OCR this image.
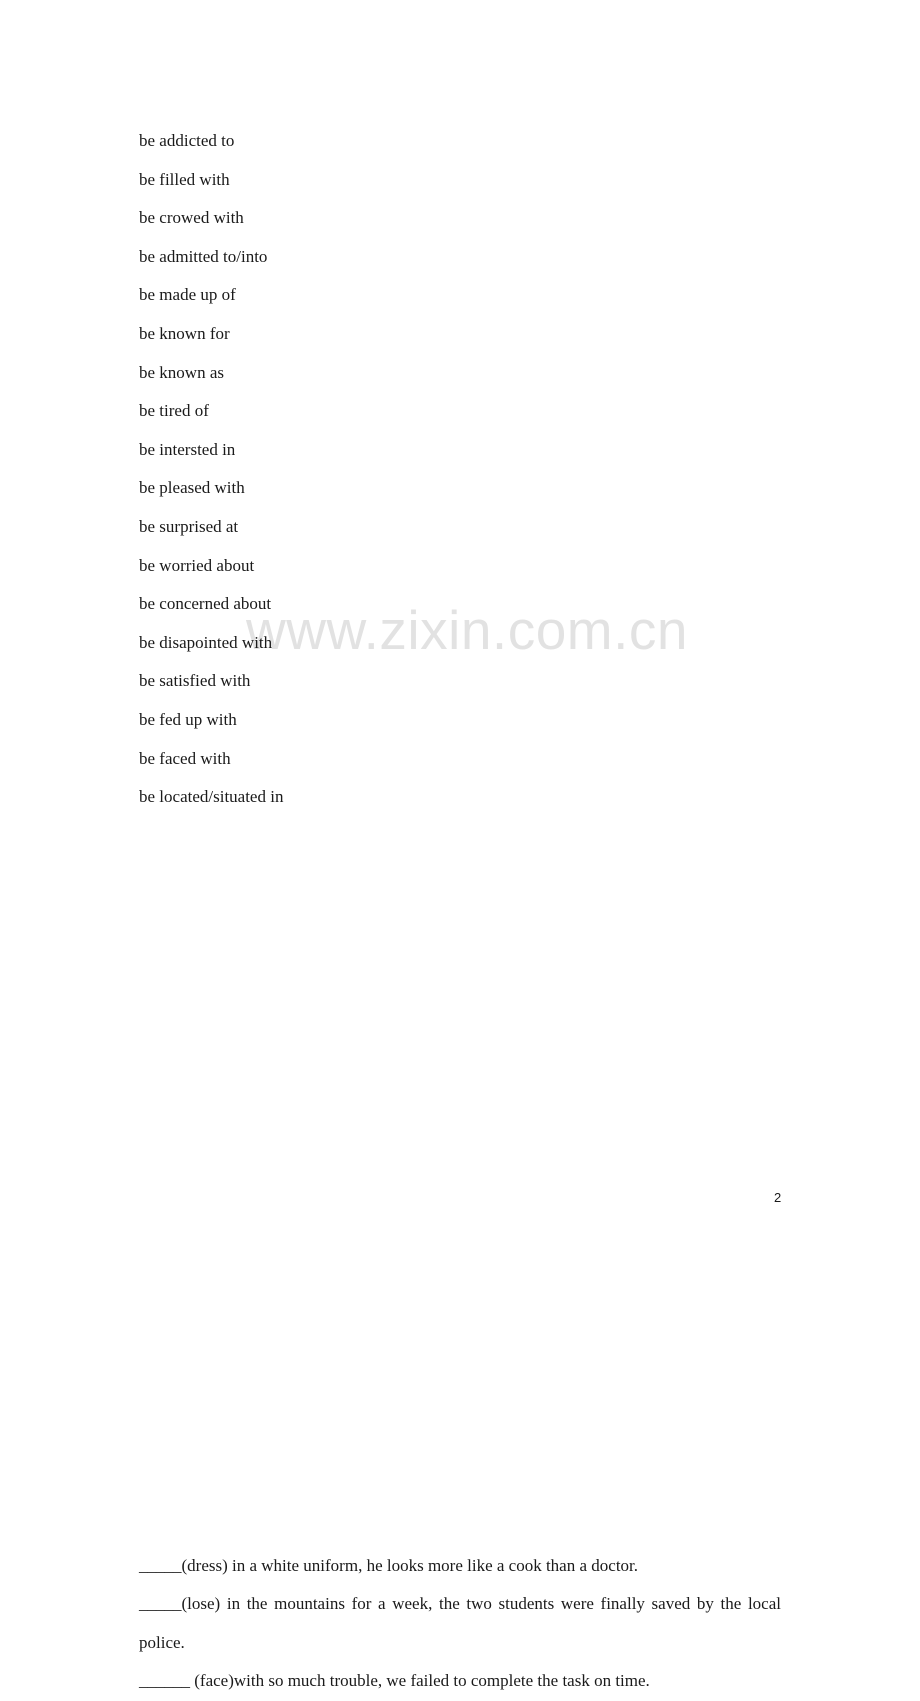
www.zixin.com.cn
be addicted to
be filled with
be crowed with
be admitted to/into
be made up of
be known for
be known as
be tired of
be intersted in
be pleased with
be surprised at
be worried about
be concerned about
be disapointed with
be satisfied with
be fed up with
be faced with
be located/situated in

_____(dress) in a white uniform, he looks more like a cook than a doctor.

_____(lose) in the mountains for a week, the two students were finally saved by the local police.

______ (face)with so much trouble, we failed to complete the task on time.

2
